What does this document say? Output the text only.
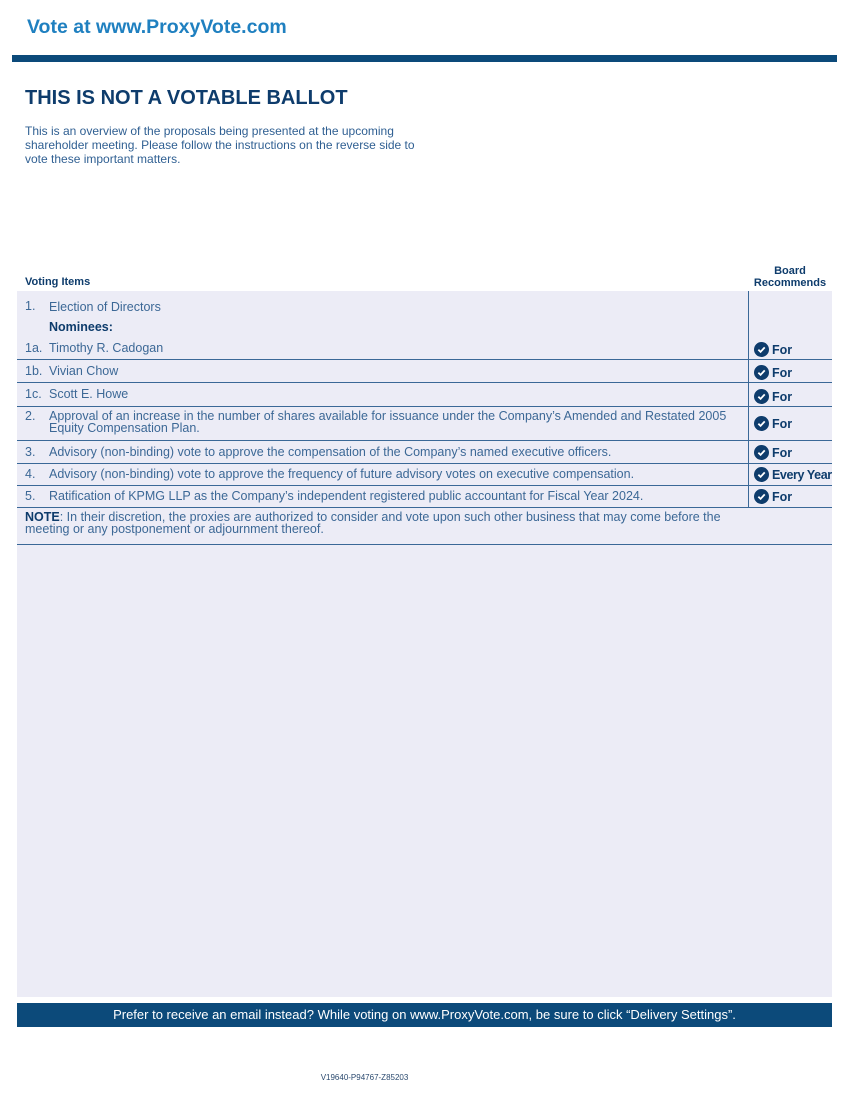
Vote at www.ProxyVote.com
THIS IS NOT A VOTABLE BALLOT
This is an overview of the proposals being presented at the upcoming shareholder meeting. Please follow the instructions on the reverse side to vote these important matters.
Voting Items
Board
Recommends
1. Election of Directors
Nominees:
1a. Timothy R. Cadogan	For
1b. Vivian Chow	For
1c. Scott E. Howe	For
2. Approval of an increase in the number of shares available for issuance under the Company’s Amended and Restated 2005 Equity Compensation Plan.	For
3. Advisory (non-binding) vote to approve the compensation of the Company’s named executive officers.	For
4. Advisory (non-binding) vote to approve the frequency of future advisory votes on executive compensation.	Every Year
5. Ratification of KPMG LLP as the Company’s independent registered public accountant for Fiscal Year 2024.	For
NOTE: In their discretion, the proxies are authorized to consider and vote upon such other business that may come before the meeting or any postponement or adjournment thereof.
Prefer to receive an email instead? While voting on www.ProxyVote.com, be sure to click “Delivery Settings”.
V19640-P94767-Z85203
